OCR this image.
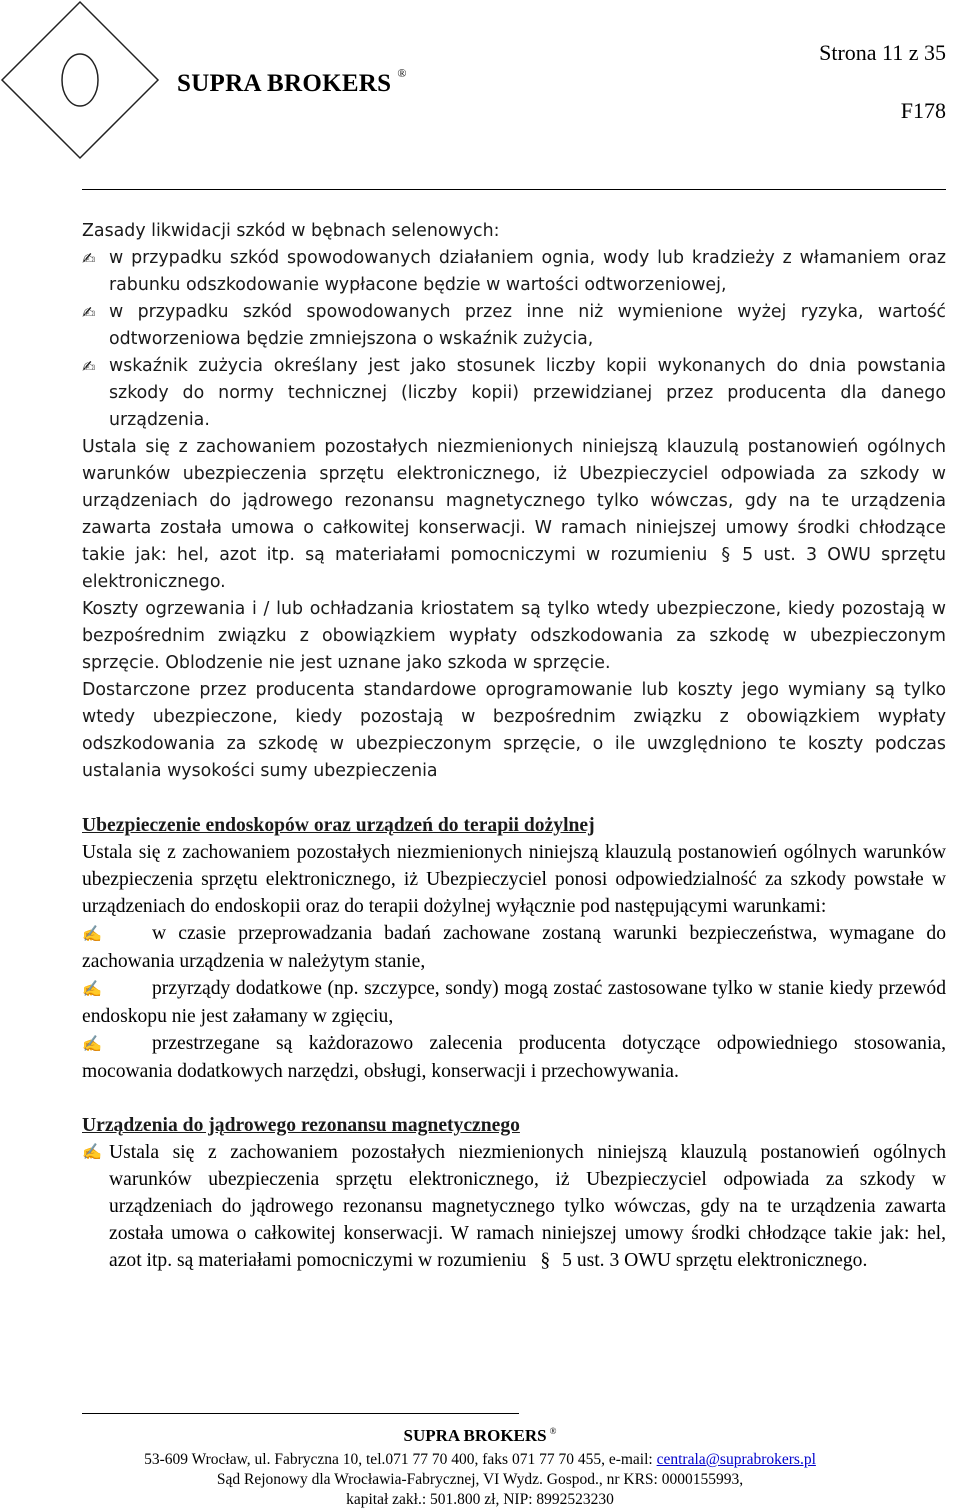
SUPRA BROKERS ®
Strona 11 z 35
F178

Zasady likwidacji szkód w bębnach selenowych:

✍ w przypadku szkód spowodowanych działaniem ognia, wody lub kradzieży z włamaniem oraz rabunku odszkodowanie wypłacone będzie w wartości odtworzeniowej,
✍ w przypadku szkód spowodowanych przez inne niż wymienione wyżej ryzyka, wartość odtworzeniowa będzie zmniejszona o wskaźnik zużycia,
✍ wskaźnik zużycia określany jest jako stosunek liczby kopii wykonanych do dnia powstania szkody do normy technicznej (liczby kopii) przewidzianej przez producenta dla danego urządzenia.

Ustala się z zachowaniem pozostałych niezmienionych niniejszą klauzulą postanowień ogólnych warunków ubezpieczenia sprzętu elektronicznego, iż Ubezpieczyciel odpowiada za szkody w urządzeniach do jądrowego rezonansu magnetycznego tylko wówczas, gdy na te urządzenia zawarta została umowa o całkowitej konserwacji. W ramach niniejszej umowy środki chłodzące takie jak: hel, azot itp. są materiałami pomocniczymi w rozumieniu § 5 ust. 3 OWU sprzętu elektronicznego.

Koszty ogrzewania i / lub ochładzania kriostatem są tylko wtedy ubezpieczone, kiedy pozostają w bezpośrednim związku z obowiązkiem wypłaty odszkodowania za szkodę w ubezpieczonym sprzęcie. Oblodzenie nie jest uznane jako szkoda w sprzęcie.

Dostarczone przez producenta standardowe oprogramowanie lub koszty jego wymiany są tylko wtedy ubezpieczone, kiedy pozostają w bezpośrednim związku z obowiązkiem wypłaty odszkodowania za szkodę w ubezpieczonym sprzęcie, o ile uwzględniono te koszty podczas ustalania wysokości sumy ubezpieczenia

Ubezpieczenie endoskopów oraz urządzeń do terapii dożylnej

Ustala się z zachowaniem pozostałych niezmienionych niniejszą klauzulą postanowień ogólnych warunków ubezpieczenia sprzętu elektronicznego, iż Ubezpieczyciel ponosi odpowiedzialność za szkody powstałe w urządzeniach do endoskopii oraz do terapii dożylnej wyłącznie pod następującymi warunkami:

✍	w czasie przeprowadzania badań zachowane zostaną warunki bezpieczeństwa, wymagane do zachowania urządzenia w należytym stanie,

✍	przyrządy dodatkowe (np. szczypce, sondy) mogą zostać zastosowane tylko w stanie kiedy przewód endoskopu nie jest załamany w zgięciu,

✍	przestrzegane są każdorazowo zalecenia producenta dotyczące odpowiedniego stosowania, mocowania dodatkowych narzędzi, obsługi, konserwacji i przechowywania.

Urządzenia do jądrowego rezonansu magnetycznego
✍ Ustala się z zachowaniem pozostałych niezmienionych niniejszą klauzulą postanowień ogólnych warunków ubezpieczenia sprzętu elektronicznego, iż Ubezpieczyciel odpowiada za szkody w urządzeniach do jądrowego rezonansu magnetycznego tylko wówczas, gdy na te urządzenia zawarta została umowa o całkowitej konserwacji. W ramach niniejszej umowy środki chłodzące takie jak: hel, azot itp. są materiałami pomocniczymi w rozumieniu § 5 ust. 3 OWU sprzętu elektronicznego.
SUPRA BROKERS ®
53-609 Wrocław, ul. Fabryczna 10, tel.071 77 70 400, faks 071 77 70 455, e-mail: centrala@suprabrokers.pl
Sąd Rejonowy dla Wrocławia-Fabrycznej, VI Wydz. Gospod., nr KRS: 0000155993,
kapitał zakł.: 501.800 zł, NIP: 8992523230
